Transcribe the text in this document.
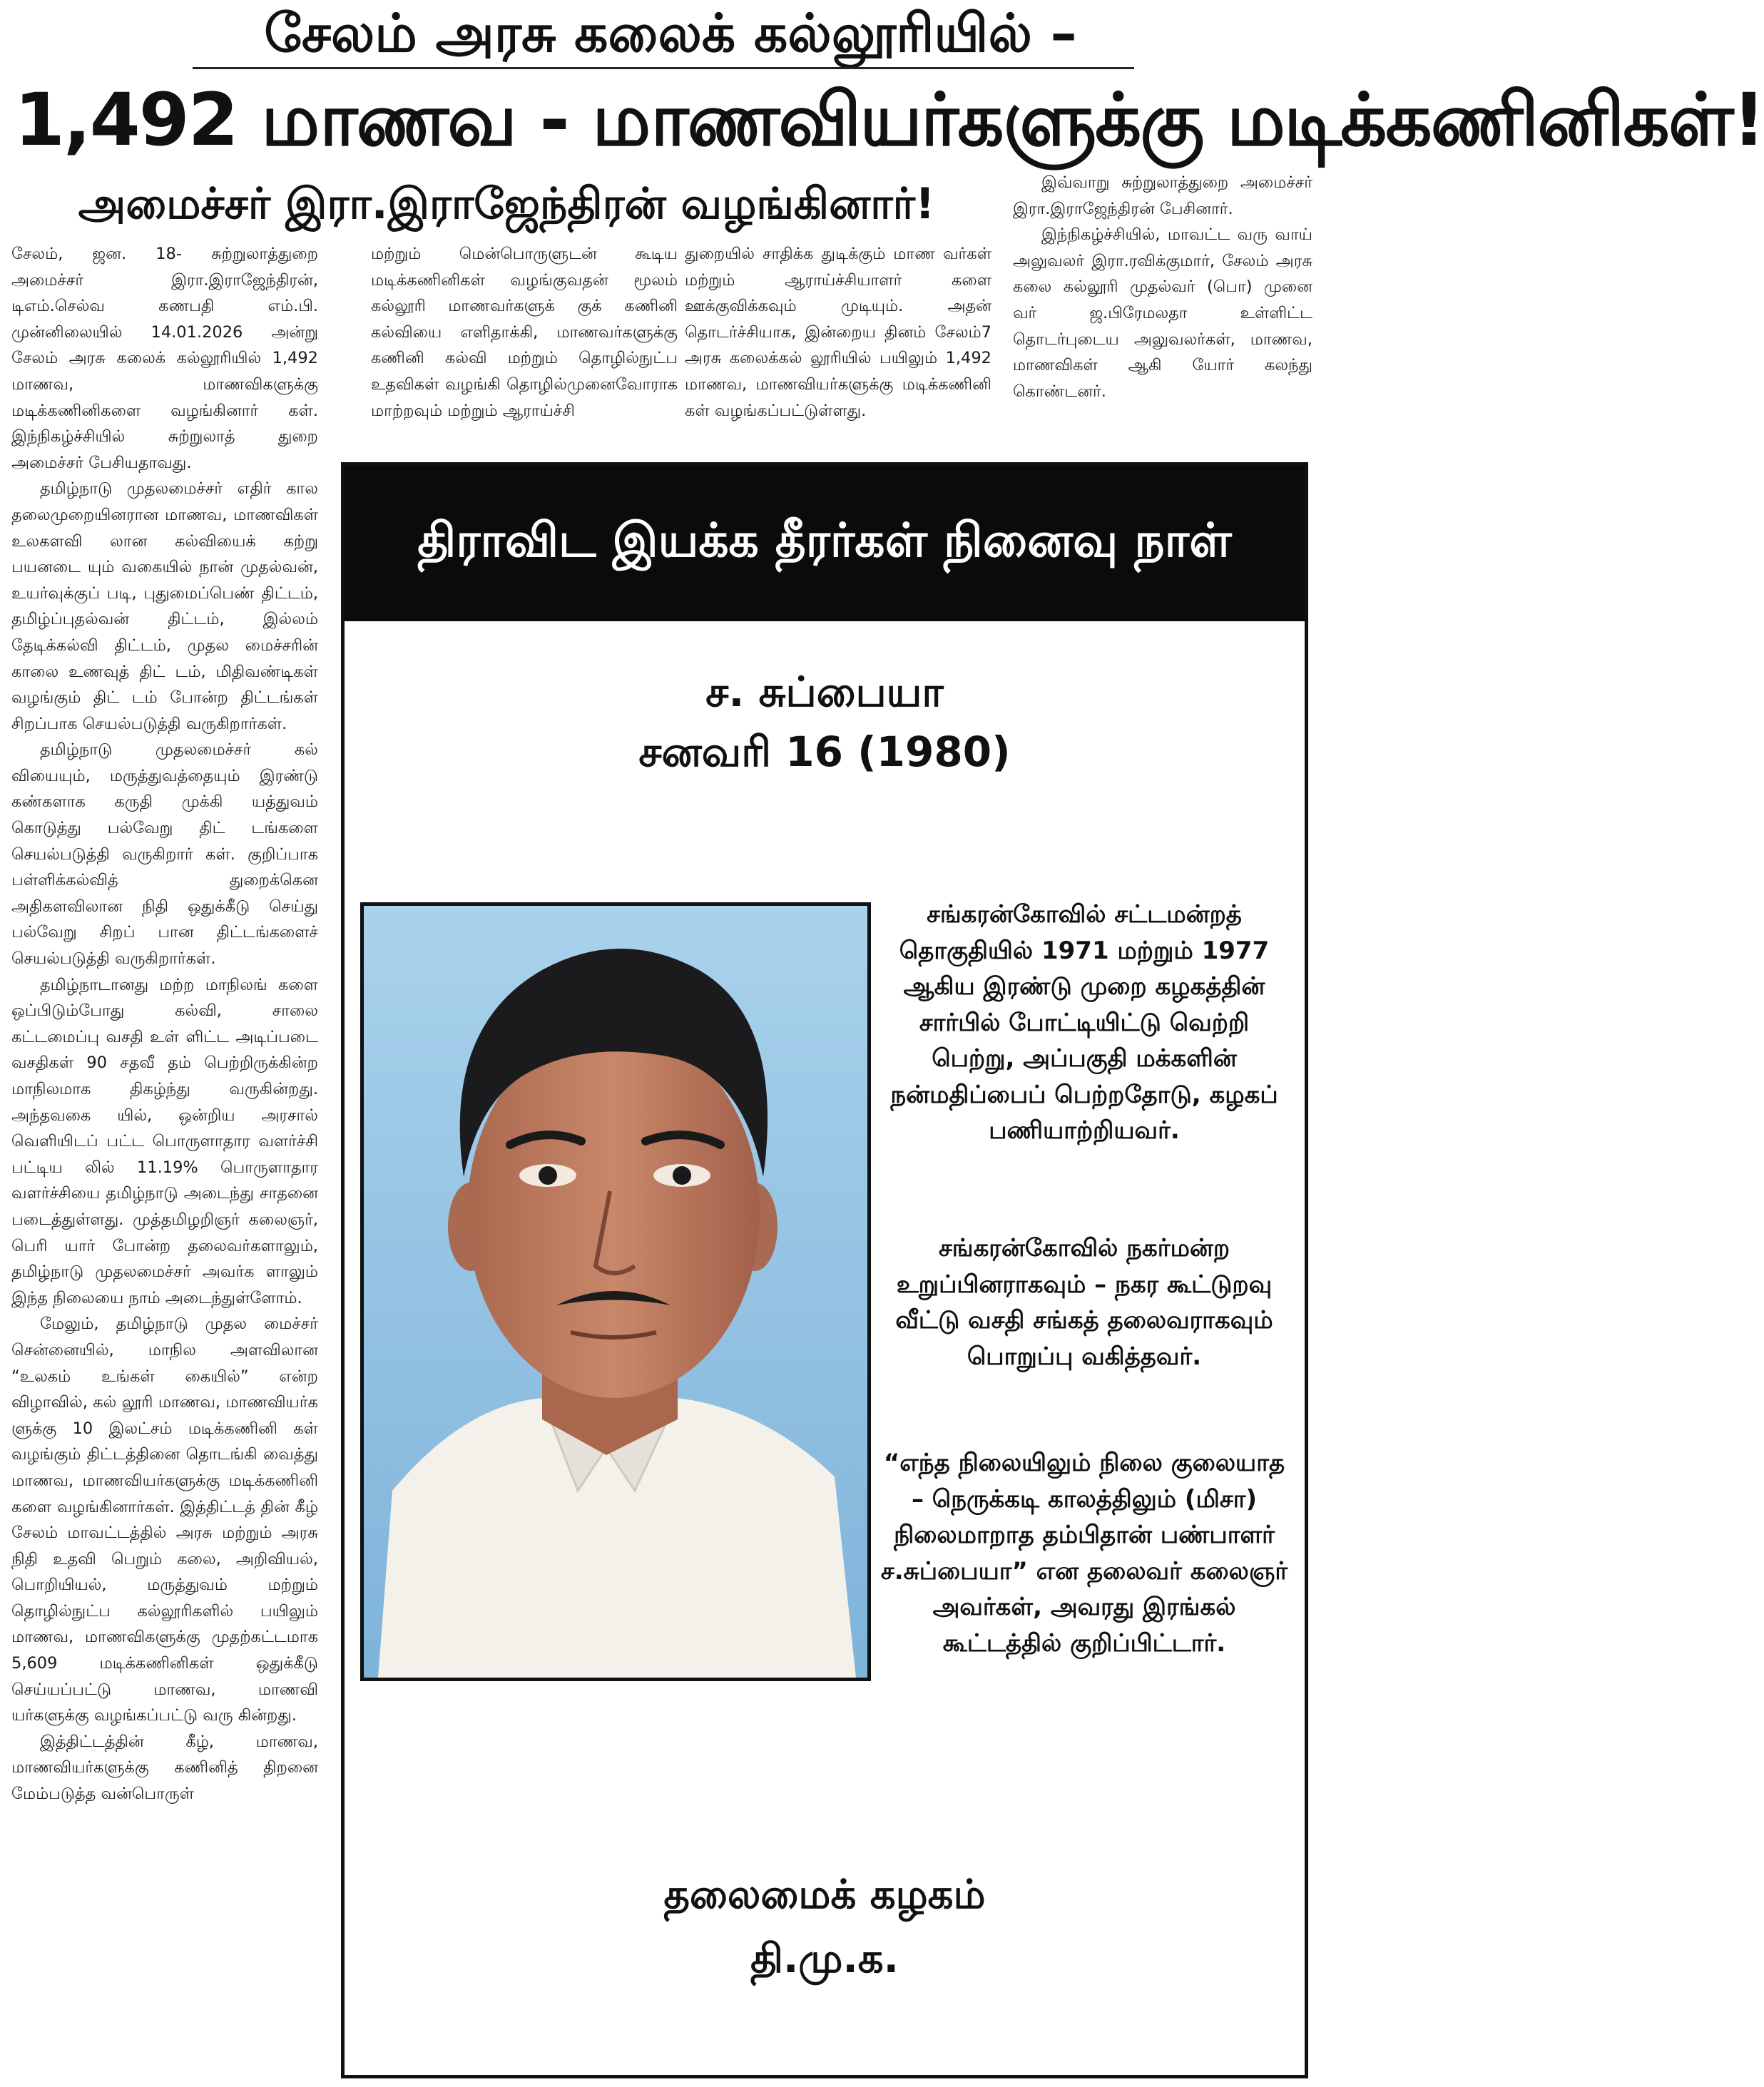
சேலம் அரசு கலைக் கல்லூரியில் –
1,492 மாணவ - மாணவியர்களுக்கு மடிக்கணினிகள்!
அமைச்சர் இரா.இராஜேந்திரன் வழங்கினார்!

சேலம், ஜன. 18- சுற்றுலாத்துறை அமைச்சர் இரா.இராஜேந்திரன், டிஎம்.செல்வ கணபதி எம்.பி. முன்னிலையில் 14.01.2026 அன்று சேலம் அரசு கலைக் கல்லூரியில் 1,492 மாணவ, மாணவிகளுக்கு மடிக்கணினிகளை வழங்கினார் கள். இந்நிகழ்ச்சியில் சுற்றுலாத் துறை அமைச்சர் பேசியதாவது.

தமிழ்நாடு முதலமைச்சர் எதிர் கால தலைமுறையினரான மாணவ, மாணவிகள் உலகளவி லான கல்வியைக் கற்று பயனடை யும் வகையில் நான் முதல்வன், உயர்வுக்குப் படி, புதுமைப்பெண் திட்டம், தமிழ்ப்புதல்வன் திட்டம், இல்லம் தேடிக்கல்வி திட்டம், முதல மைச்சரின் காலை உணவுத் திட் டம், மிதிவண்டிகள் வழங்கும் திட் டம் போன்ற திட்டங்கள் சிறப்பாக செயல்படுத்தி வருகிறார்கள்.

தமிழ்நாடு முதலமைச்சர் கல் வியையும், மருத்துவத்தையும் இரண்டு கண்களாக கருதி முக்கி யத்துவம் கொடுத்து பல்வேறு திட் டங்களை செயல்படுத்தி வருகிறார் கள். குறிப்பாக பள்ளிக்கல்வித் துறைக்கென அதிகளவிலான நிதி ஒதுக்கீடு செய்து பல்வேறு சிறப் பான திட்டங்களைச் செயல்படுத்தி வருகிறார்கள்.

தமிழ்நாடானது மற்ற மாநிலங் களை ஒப்பிடும்போது கல்வி, சாலை கட்டமைப்பு வசதி உள் ளிட்ட அடிப்படை வசதிகள் 90 சதவீ தம் பெற்றிருக்கின்ற மாநிலமாக திகழ்ந்து வருகின்றது. அந்தவகை யில், ஒன்றிய அரசால் வெளியிடப் பட்ட பொருளாதார வளர்ச்சி பட்டிய லில் 11.19% பொருளாதார வளர்ச்சியை தமிழ்நாடு அடைந்து சாதனை படைத்துள்ளது. முத்தமிழறிஞர் கலைஞர், பெரி யார் போன்ற தலைவர்களாலும், தமிழ்நாடு முதலமைச்சர் அவர்க ளாலும் இந்த நிலையை நாம் அடைந்துள்ளோம்.

மேலும், தமிழ்நாடு முதல மைச்சர் சென்னையில், மாநில அளவிலான “உலகம் உங்கள் கையில்” என்ற விழாவில், கல் லூரி மாணவ, மாணவியர்க ளுக்கு 10 இலட்சம் மடிக்கணினி கள் வழங்கும் திட்டத்தினை தொடங்கி வைத்து மாணவ, மாணவியர்களுக்கு மடிக்கணினி களை வழங்கினார்கள். இத்திட்டத் தின் கீழ் சேலம் மாவட்டத்தில் அரசு மற்றும் அரசு நிதி உதவி பெறும் கலை, அறிவியல், பொறியியல், மருத்துவம் மற்றும் தொழில்நுட்ப கல்லூரிகளில் பயிலும் மாணவ, மாணவிகளுக்கு முதற்கட்டமாக 5,609 மடிக்கணினிகள் ஒதுக்கீடு செய்யப்பட்டு மாணவ, மாணவி யர்களுக்கு வழங்கப்பட்டு வரு கின்றது.

இத்திட்டத்தின் கீழ், மாணவ, மாணவியர்களுக்கு கணினித் திறனை மேம்படுத்த வன்பொருள்

மற்றும் மென்பொருளுடன் கூடிய மடிக்கணினிகள் வழங்குவதன் மூலம் கல்லூரி மாணவர்களுக் குக் கணினி கல்வியை எளிதாக்கி, மாணவர்களுக்கு கணினி கல்வி மற்றும் தொழில்நுட்ப உதவிகள் வழங்கி தொழில்முனைவோராக மாற்றவும் மற்றும் ஆராய்ச்சி

துறையில் சாதிக்க துடிக்கும் மாண வர்கள் மற்றும் ஆராய்ச்சியாளர் களை ஊக்குவிக்கவும் முடியும். அதன் தொடர்ச்சியாக, இன்றைய தினம் சேலம்7 அரசு கலைக்கல் லூரியில் பயிலும் 1,492 மாணவ, மாணவியர்களுக்கு மடிக்கணினி கள் வழங்கப்பட்டுள்ளது.

இவ்வாறு சுற்றுலாத்துறை அமைச்சர் இரா.இராஜேந்திரன் பேசினார்.

இந்நிகழ்ச்சியில், மாவட்ட வரு வாய் அலுவலர் இரா.ரவிக்குமார், சேலம் அரசு கலை கல்லூரி முதல்வர் (பொ) முனை வர் ஜ.பிரேமலதா உள்ளிட்ட தொடர்புடைய அலுவலர்கள், மாணவ, மாணவிகள் ஆகி யோர் கலந்து கொண்டனர்.

திராவிட இயக்க தீரர்கள் நினைவு நாள்
ச. சுப்பையா
சனவரி 16 (1980)
சங்கரன்கோவில் சட்டமன்றத் தொகுதியில் 1971 மற்றும் 1977 ஆகிய இரண்டு முறை கழகத்தின் சார்பில் போட்டியிட்டு வெற்றி பெற்று, அப்பகுதி மக்களின் நன்மதிப்பைப் பெற்றதோடு, கழகப் பணியாற்றியவர்.
சங்கரன்கோவில் நகர்மன்ற உறுப்பினராகவும் – நகர கூட்டுறவு வீட்டு வசதி சங்கத் தலைவராகவும் பொறுப்பு வகித்தவர்.
“எந்த நிலையிலும் நிலை குலையாத – நெருக்கடி காலத்திலும் (மிசா) நிலைமாறாத தம்பிதான் பண்பாளர் ச.சுப்பையா” என தலைவர் கலைஞர் அவர்கள், அவரது இரங்கல் கூட்டத்தில் குறிப்பிட்டார்.
தலைமைக் கழகம்
தி.மு.க.
